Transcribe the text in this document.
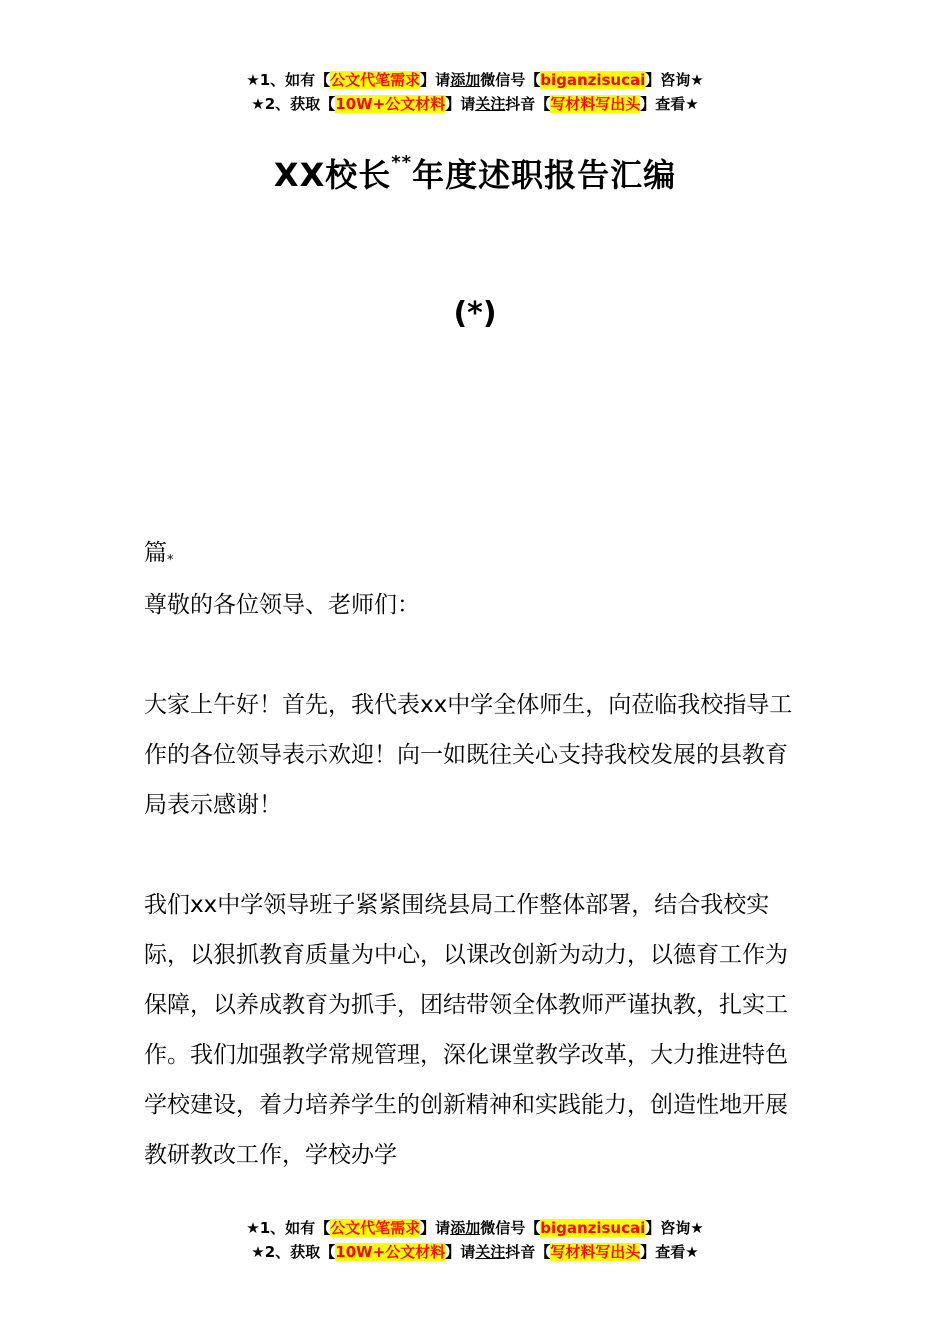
★1、如有【公文代笔需求】请添加微信号【biganzisucai】咨询★
★2、获取【10W+公文材料】请关注抖音【写材料写出头】查看★
XX校长**年度述职报告汇编
(*)
篇*

尊敬的各位领导、老师们：

大家上午好！首先，我代表xx中学全体师生，向莅临我校指导工作的各位领导表示欢迎！向一如既往关心支持我校发展的县教育局表示感谢！

我们xx中学领导班子紧紧围绕县局工作整体部署，结合我校实际，以狠抓教育质量为中心，以课改创新为动力，以德育工作为保障，以养成教育为抓手，团结带领全体教师严谨执教，扎实工作。我们加强教学常规管理，深化课堂教学改革，大力推进特色学校建设，着力培养学生的创新精神和实践能力，创造性地开展教研教改工作，学校办学

★1、如有【公文代笔需求】请添加微信号【biganzisucai】咨询★
★2、获取【10W+公文材料】请关注抖音【写材料写出头】查看★
